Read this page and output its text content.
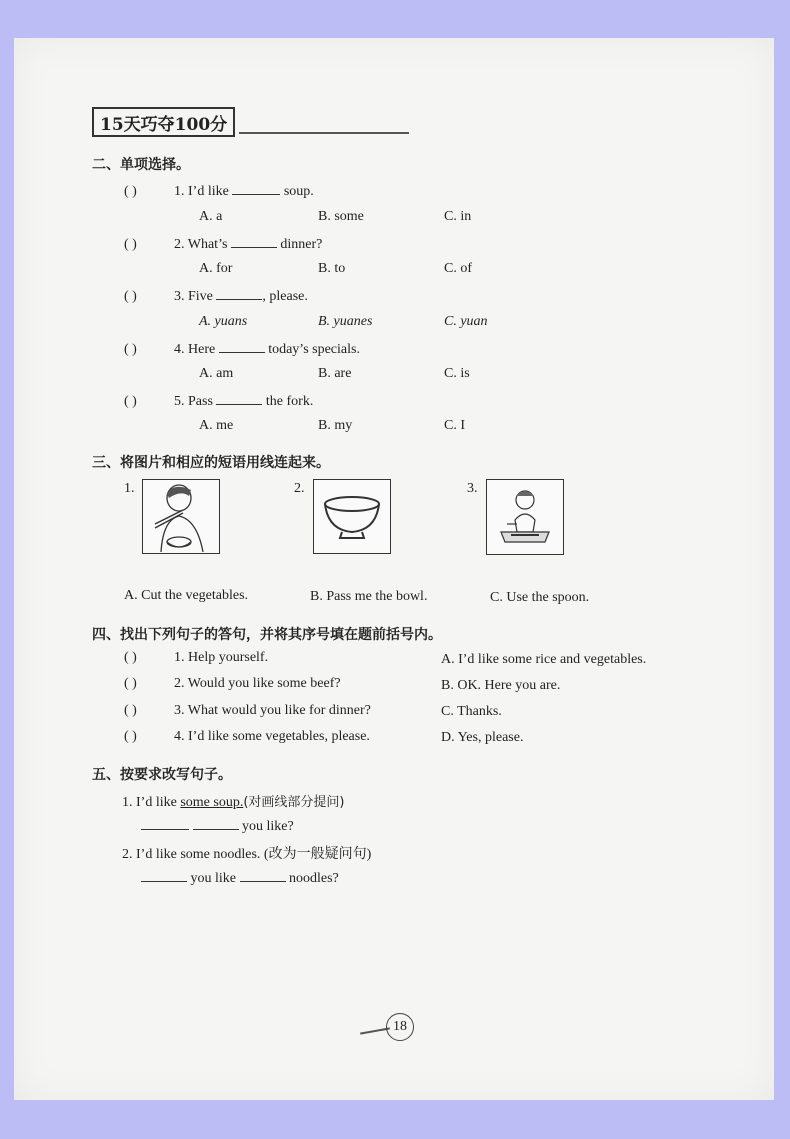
15天巧夺100分
二、单项选择。
( )	1. I’d like	soup.
A. a	B. some	C. in
( )	2. What’s	dinner?
A. for	B. to	C. of
( )	3. Five	, please.
A. yuans	B. yuanes	C. yuan
( )	4. Here	today’s specials.
A. am	B. are	C. is
( )	5. Pass	the fork.
A. me	B. my	C. I
三、将图片和相应的短语用线连起来。
1.	2.	3.
A. Cut the vegetables.	B. Pass me the bowl.	C. Use the spoon.
四、找出下列句子的答句，并将其序号填在题前括号内。
( )	1. Help yourself.	A. I’d like some rice and vegetables.
( )	2. Would you like some beef?	B. OK. Here you are.
( )	3. What would you like for dinner?	C. Thanks.
( )	4. I’d like some vegetables, please.	D. Yes, please.
五、按要求改写句子。
1. I’d like some soup.(对画线部分提问)
you like?
2. I’d like some noodles. (改为一般疑问句)
you like	noodles?
18
